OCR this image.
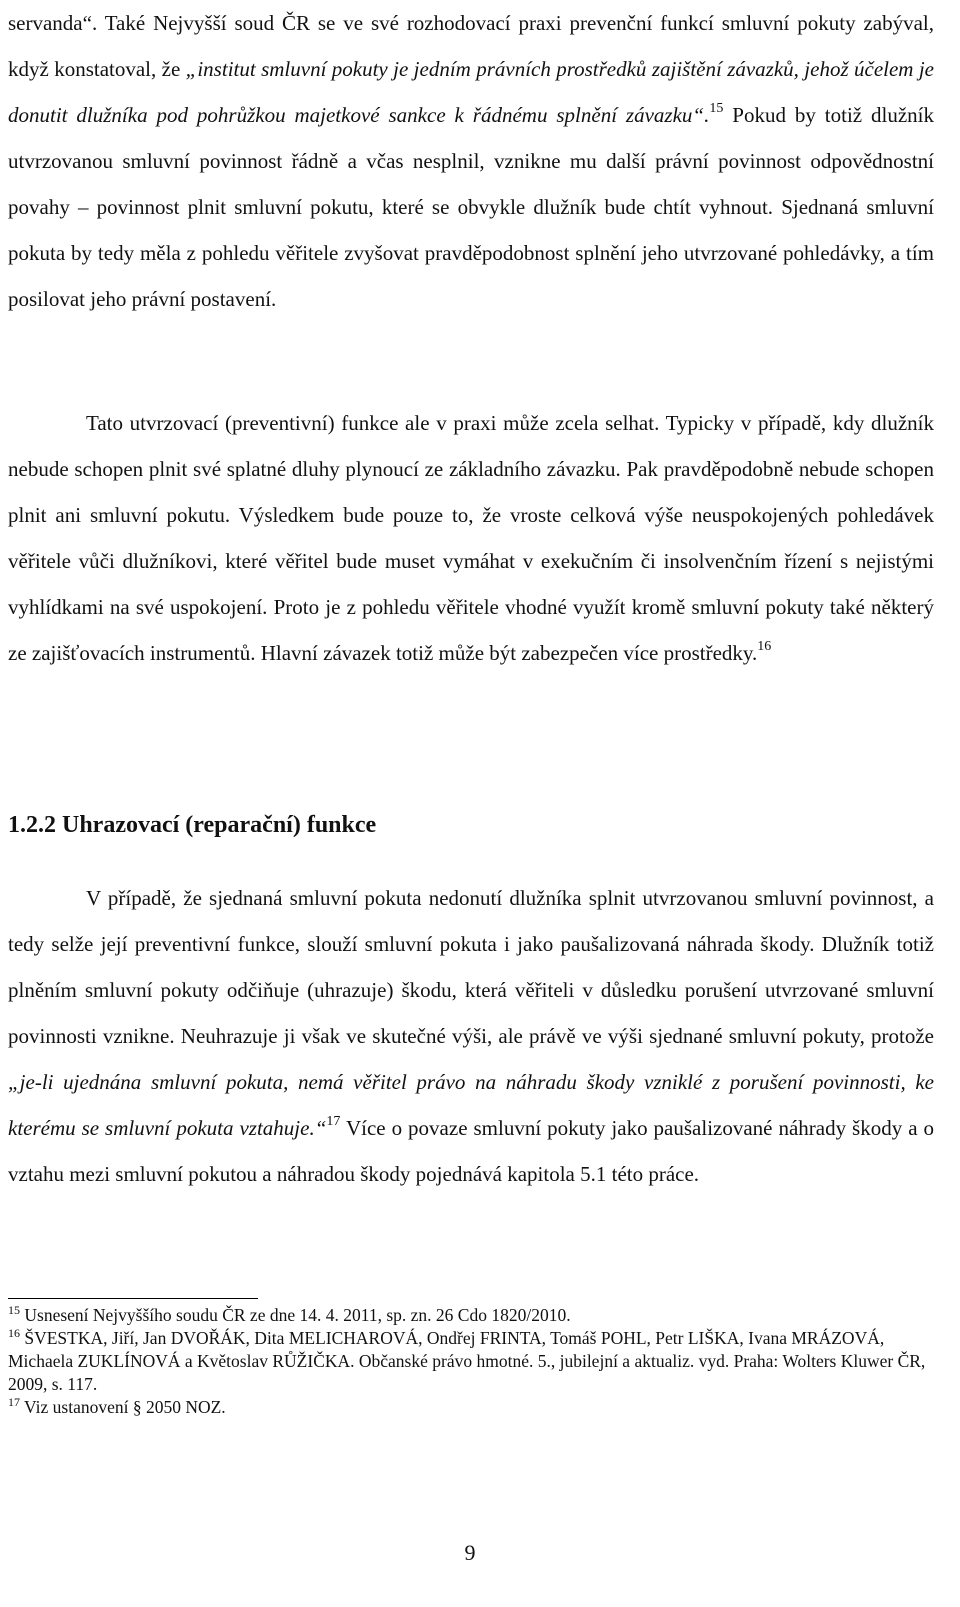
servanda“. Také Nejvyšší soud ČR se ve své rozhodovací praxi prevenční funkcí smluvní pokuty zabýval, když konstatoval, že „institut smluvní pokuty je jedním právních prostředků zajištění závazků, jehož účelem je donutit dlužníka pod pohrůžkou majetkové sankce k řádnému splnění závazku“.$^{15}$ Pokud by totiž dlužník utvrzovanou smluvní povinnost řádně a včas nesplnil, vznikne mu další právní povinnost odpovědnostní povahy – povinnost plnit smluvní pokutu, které se obvykle dlužník bude chtít vyhnout. Sjednaná smluvní pokuta by tedy měla z pohledu věřitele zvyšovat pravděpodobnost splnění jeho utvrzované pohledávky, a tím posilovat jeho právní postavení.

Tato utvrzovací (preventivní) funkce ale v praxi může zcela selhat. Typicky v případě, kdy dlužník nebude schopen plnit své splatné dluhy plynoucí ze základního závazku. Pak pravděpodobně nebude schopen plnit ani smluvní pokutu. Výsledkem bude pouze to, že vroste celková výše neuspokojených pohledávek věřitele vůči dlužníkovi, které věřitel bude muset vymáhat v exekučním či insolvenčním řízení s nejistými vyhlídkami na své uspokojení. Proto je z pohledu věřitele vhodné využít kromě smluvní pokuty také některý ze zajišťovacích instrumentů. Hlavní závazek totiž může být zabezpečen více prostředky.$^{16}$

1.2.2 Uhrazovací (reparační) funkce

V případě, že sjednaná smluvní pokuta nedonutí dlužníka splnit utvrzovanou smluvní povinnost, a tedy selže její preventivní funkce, slouží smluvní pokuta i jako paušalizovaná náhrada škody. Dlužník totiž plněním smluvní pokuty odčiňuje (uhrazuje) škodu, která věřiteli v důsledku porušení utvrzované smluvní povinnosti vznikne. Neuhrazuje ji však ve skutečné výši, ale právě ve výši sjednané smluvní pokuty, protože „je-li ujednána smluvní pokuta, nemá věřitel právo na náhradu škody vzniklé z porušení povinnosti, ke kterému se smluvní pokuta vztahuje.“$^{17}$ Více o povaze smluvní pokuty jako paušalizované náhrady škody a o vztahu mezi smluvní pokutou a náhradou škody pojednává kapitola 5.1 této práce.

$^{15}$ Usnesení Nejvyššího soudu ČR ze dne 14. 4. 2011, sp. zn. 26 Cdo 1820/2010.

$^{16}$ ŠVESTKA, Jiří, Jan DVOŘÁK, Dita MELICHAROVÁ, Ondřej FRINTA, Tomáš POHL, Petr LIŠKA, Ivana MRÁZOVÁ, Michaela ZUKLÍNOVÁ a Květoslav RŮŽIČKA. Občanské právo hmotné. 5., jubilejní a aktualiz. vyd. Praha: Wolters Kluwer ČR, 2009, s. 117.

$^{17}$ Viz ustanovení § 2050 NOZ.

9
